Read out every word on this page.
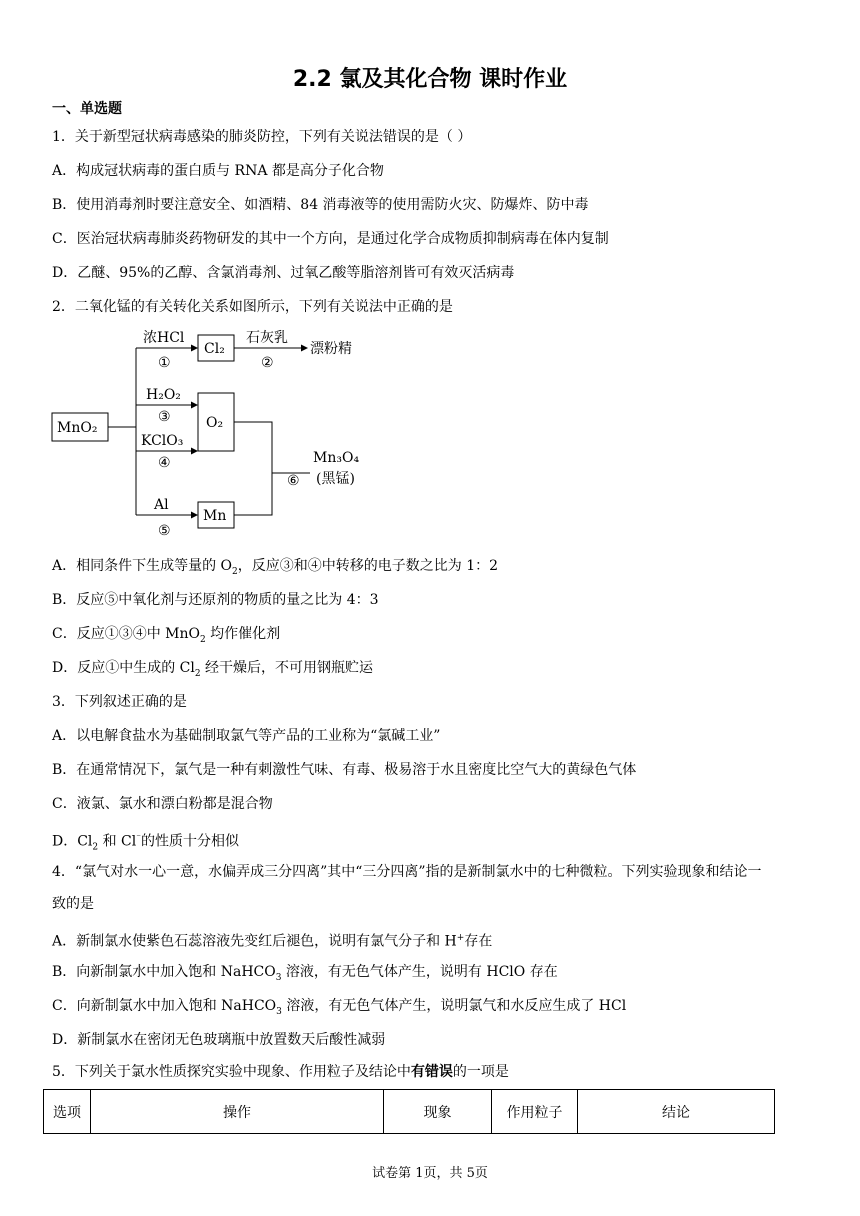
2.2 氯及其化合物 课时作业
一、单选题
1．关于新型冠状病毒感染的肺炎防控，下列有关说法错误的是（ ）
A．构成冠状病毒的蛋白质与 RNA 都是高分子化合物
B．使用消毒剂时要注意安全、如酒精、84 消毒液等的使用需防火灾、防爆炸、防中毒
C．医治冠状病毒肺炎药物研发的其中一个方向，是通过化学合成物质抑制病毒在体内复制
D．乙醚、95%的乙醇、含氯消毒剂、过氧乙酸等脂溶剂皆可有效灭活病毒
2．二氧化锰的有关转化关系如图所示，下列有关说法中正确的是
MnO₂
Cl₂
O₂
Mn
浓HCl
H₂O₂
KClO₃
Al
石灰乳
漂粉精
Mn₃O₄
(黑锰)
①	②
③
④
⑤
⑥
A．相同条件下生成等量的 $O_2$，反应③和④中转移的电子数之比为 1：2
B．反应⑤中氧化剂与还原剂的物质的量之比为 4：3
C．反应①③④中 MnO$_2$ 均作催化剂
D．反应①中生成的 $Cl_2$ 经干燥后，不可用钢瓶贮运
3．下列叙述正确的是
A．以电解食盐水为基础制取氯气等产品的工业称为“氯碱工业”
B．在通常情况下，氯气是一种有刺激性气味、有毒、极易溶于水且密度比空气大的黄绿色气体
C．液氯、氯水和漂白粉都是混合物
D．$Cl_2$ 和 Cl⁻的性质十分相似
4．“氯气对水一心一意，水偏弄成三分四离”其中“三分四离”指的是新制氯水中的七种微粒。下列实验现象和结论一
致的是
A．新制氯水使紫色石蕊溶液先变红后褪色，说明有氯气分子和 H+存在
B．向新制氯水中加入饱和 NaHCO$_3$ 溶液，有无色气体产生，说明有 HClO 存在
C．向新制氯水中加入饱和 NaHCO$_3$ 溶液，有无色气体产生，说明氯气和水反应生成了 HCl
D．新制氯水在密闭无色玻璃瓶中放置数天后酸性减弱
5．下列关于氯水性质探究实验中现象、作用粒子及结论中有错误的一项是
选项	操作	现象	作用粒子	结论
试卷第 1页，共 5页
